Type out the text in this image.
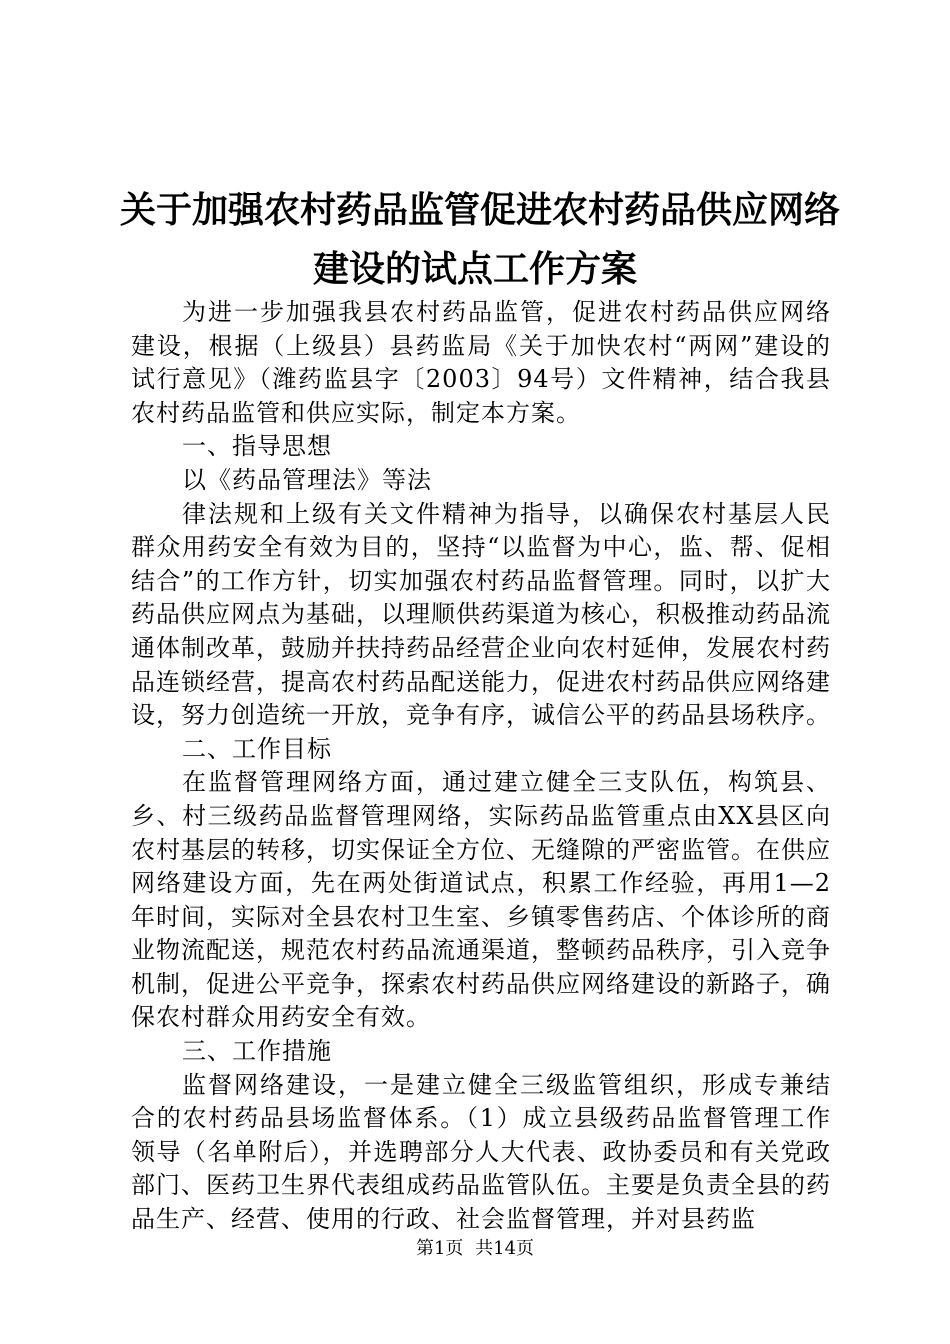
关于加强农村药品监管促进农村药品供应网络
建设的试点工作方案

为进一步加强我县农村药品监管，促进农村药品供应网络建设，根据（上级县）县药监局《关于加快农村“两网”建设的试行意见》（潍药监县字〔2003〕94号）文件精神，结合我县农村药品监管和供应实际，制定本方案。

一、指导思想

以《药品管理法》等法

律法规和上级有关文件精神为指导，以确保农村基层人民群众用药安全有效为目的，坚持“以监督为中心，监、帮、促相结合”的工作方针，切实加强农村药品监督管理。同时，以扩大药品供应网点为基础，以理顺供药渠道为核心，积极推动药品流通体制改革，鼓励并扶持药品经营企业向农村延伸，发展农村药品连锁经营，提高农村药品配送能力，促进农村药品供应网络建设，努力创造统一开放，竞争有序，诚信公平的药品县场秩序。

二、工作目标

在监督管理网络方面，通过建立健全三支队伍，构筑县、乡、村三级药品监督管理网络，实际药品监管重点由XX县区向农村基层的转移，切实保证全方位、无缝隙的严密监管。在供应网络建设方面，先在两处街道试点，积累工作经验，再用1—2年时间，实际对全县农村卫生室、乡镇零售药店、个体诊所的商业物流配送，规范农村药品流通渠道，整顿药品秩序，引入竞争机制，促进公平竞争，探索农村药品供应网络建设的新路子，确保农村群众用药安全有效。

三、工作措施

监督网络建设，一是建立健全三级监管组织，形成专兼结合的农村药品县场监督体系。（1）成立县级药品监督管理工作领导（名单附后），并选聘部分人大代表、政协委员和有关党政部门、医药卫生界代表组成药品监管队伍。主要是负责全县的药品生产、经营、使用的行政、社会监督管理，并对县药监

第1页 共14页
